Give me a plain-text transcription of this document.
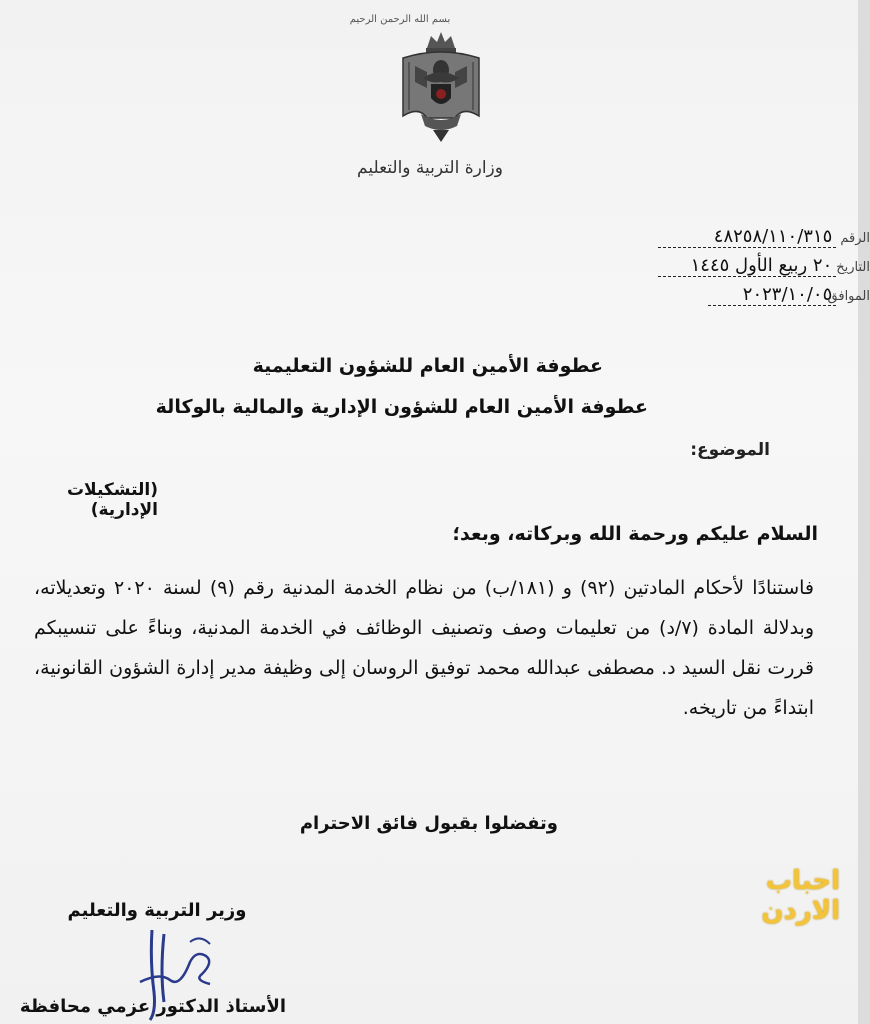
بسم الله الرحمن الرحيم
وزارة التربية والتعليم
الرقم ٤٨٢٥٨/١١٠/٣١٥
التاريخ ٢٠ ربيع الأول ١٤٤٥
الموافق ٢٠٢٣/١٠/٠٥
عطوفة الأمين العام للشؤون التعليمية
عطوفة الأمين العام للشؤون الإدارية والمالية بالوكالة
الموضوع:
(التشكيلات الإدارية)
السلام عليكم ورحمة الله وبركاته، وبعد؛
فاستنادًا لأحكام المادتين (٩٢) و (١٨١/ب) من نظام الخدمة المدنية رقم (٩) لسنة ٢٠٢٠ وتعديلاته، وبدلالة المادة (٧/د) من تعليمات وصف وتصنيف الوظائف في الخدمة المدنية، وبناءً على تنسيبكم قررت نقل السيد د. مصطفى عبدالله محمد توفيق الروسان إلى وظيفة مدير إدارة الشؤون القانونية، ابتداءً من تاريخه.
وتفضلوا بقبول فائق الاحترام
وزير التربية والتعليم
الأستاذ الدكتور عزمي محافظة
احباب الاردن
